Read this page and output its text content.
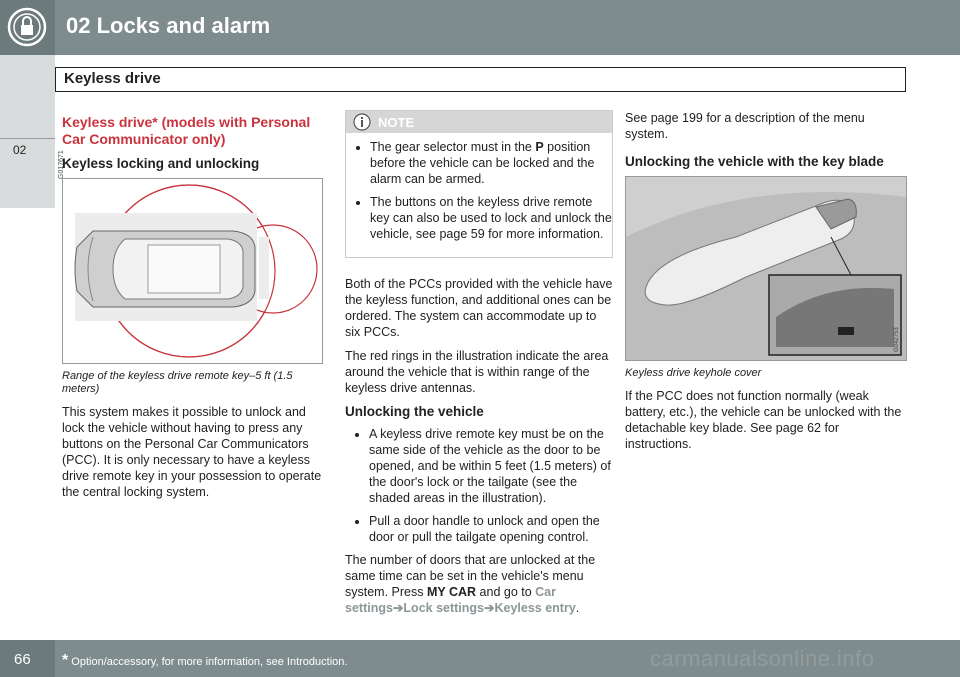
02 Locks and alarm
Keyless drive
02
Keyless drive* (models with Personal Car Communicator only)
Keyless locking and unlocking
G017671
Range of the keyless drive remote key–5 ft (1.5 meters)

This system makes it possible to unlock and lock the vehicle without having to press any buttons on the Personal Car Communicators (PCC). It is only necessary to have a keyless drive remote key in your possession to operate the central locking system.

NOTE
• The gear selector must in the P position before the vehicle can be locked and the alarm can be armed.
• The buttons on the keyless drive remote key can also be used to lock and unlock the vehicle, see page 59 for more information.

Both of the PCCs provided with the vehicle have the keyless function, and additional ones can be ordered. The system can accommodate up to six PCCs.

The red rings in the illustration indicate the area around the vehicle that is within range of the keyless drive antennas.

Unlocking the vehicle
• A keyless drive remote key must be on the same side of the vehicle as the door to be opened, and be within 5 feet (1.5 meters) of the door's lock or the tailgate (see the shaded areas in the illustration).
• Pull a door handle to unlock and open the door or pull the tailgate opening control.

The number of doors that are unlocked at the same time can be set in the vehicle's menu system. Press MY CAR and go to Car settings➔Lock settings➔Keyless entry.

See page 199 for a description of the menu system.

Unlocking the vehicle with the key blade
G042753
Keyless drive keyhole cover

If the PCC does not function normally (weak battery, etc.), the vehicle can be unlocked with the detachable key blade. See page 62 for instructions.

* Option/accessory, for more information, see Introduction.	carmanualsonline.info
66
